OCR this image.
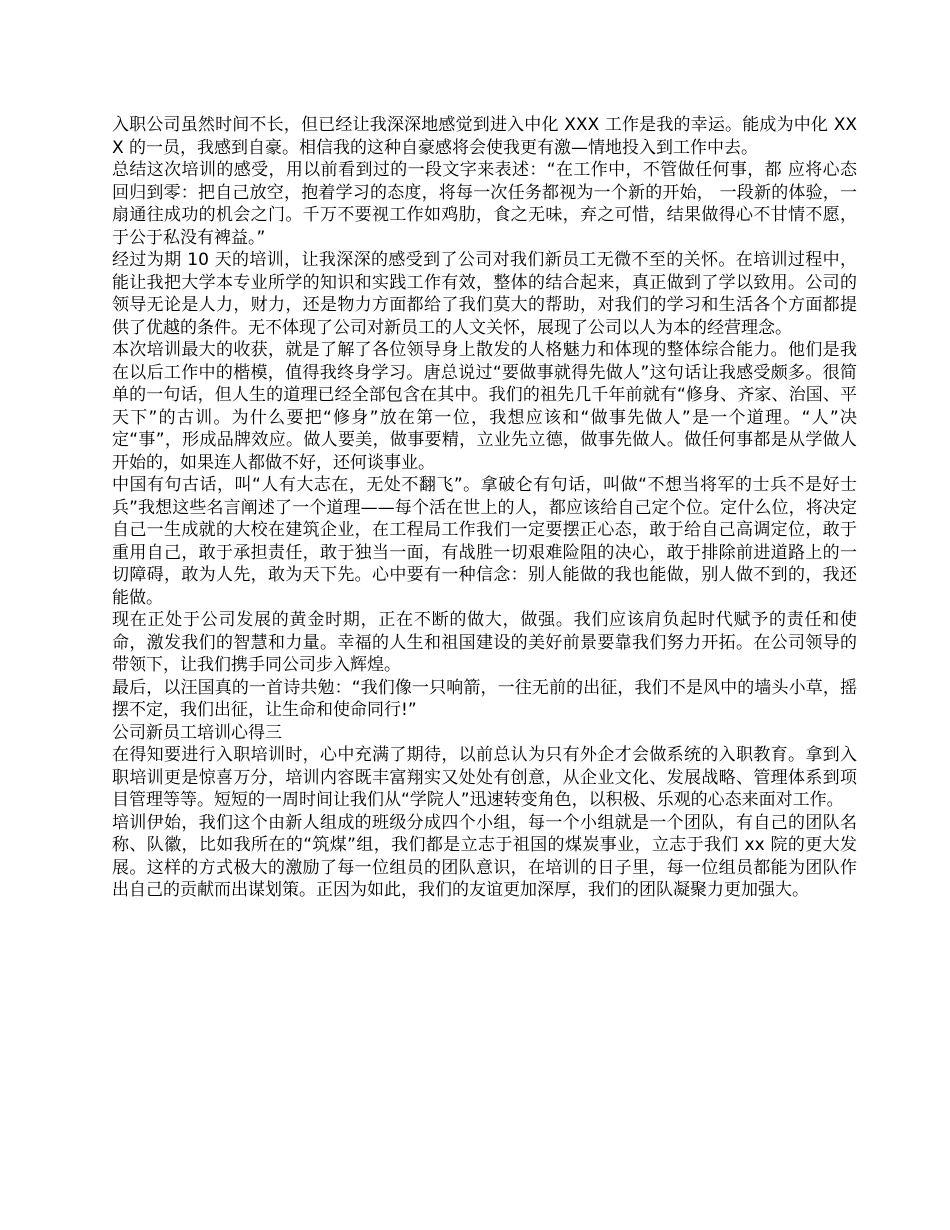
入职公司虽然时间不长，但已经让我深深地感觉到进入中化 XXX 工作是我的幸运。能成为中化 XXX 的一员，我感到自豪。相信我的这种自豪感将会使我更有激—情地投入到工作中去。

总结这次培训的感受，用以前看到过的一段文字来表述：“在工作中，不管做任何事，都 应将心态回归到零：把自己放空，抱着学习的态度，将每一次任务都视为一个新的开始， 一段新的体验，一扇通往成功的机会之门。千万不要视工作如鸡肋，食之无味，弃之可惜，结果做得心不甘情不愿，于公于私没有裨益。”

经过为期 10 天的培训，让我深深的感受到了公司对我们新员工无微不至的关怀。在培训过程中，能让我把大学本专业所学的知识和实践工作有效，整体的结合起来，真正做到了学以致用。公司的领导无论是人力，财力，还是物力方面都给了我们莫大的帮助，对我们的学习和生活各个方面都提供了优越的条件。无不体现了公司对新员工的人文关怀，展现了公司以人为本的经营理念。

本次培训最大的收获，就是了解了各位领导身上散发的人格魅力和体现的整体综合能力。他们是我在以后工作中的楷模，值得我终身学习。唐总说过“要做事就得先做人”这句话让我感受颇多。很简单的一句话，但人生的道理已经全部包含在其中。我们的祖先几千年前就有“修身、齐家、治国、平天下”的古训。为什么要把“修身”放在第一位，我想应该和“做事先做人”是一个道理。“人”决定“事”，形成品牌效应。做人要美，做事要精，立业先立德，做事先做人。做任何事都是从学做人开始的，如果连人都做不好，还何谈事业。

中国有句古话，叫“人有大志在，无处不翻飞”。拿破仑有句话，叫做“不想当将军的士兵不是好士兵”我想这些名言阐述了一个道理——每个活在世上的人，都应该给自己定个位。定什么位，将决定自己一生成就的大校在建筑企业，在工程局工作我们一定要摆正心态，敢于给自己高调定位，敢于重用自己，敢于承担责任，敢于独当一面，有战胜一切艰难险阻的决心，敢于排除前进道路上的一切障碍，敢为人先，敢为天下先。心中要有一种信念：别人能做的我也能做，别人做不到的，我还能做。

现在正处于公司发展的黄金时期，正在不断的做大，做强。我们应该肩负起时代赋予的责任和使命，激发我们的智慧和力量。幸福的人生和祖国建设的美好前景要靠我们努力开拓。在公司领导的带领下，让我们携手同公司步入辉煌。

最后，以汪国真的一首诗共勉：“我们像一只响箭，一往无前的出征，我们不是风中的墙头小草，摇摆不定，我们出征，让生命和使命同行!”

公司新员工培训心得三

在得知要进行入职培训时，心中充满了期待，以前总认为只有外企才会做系统的入职教育。拿到入职培训更是惊喜万分，培训内容既丰富翔实又处处有创意，从企业文化、发展战略、管理体系到项目管理等等。短短的一周时间让我们从“学院人”迅速转变角色，以积极、乐观的心态来面对工作。

培训伊始，我们这个由新人组成的班级分成四个小组，每一个小组就是一个团队，有自己的团队名称、队徽，比如我所在的“筑煤”组，我们都是立志于祖国的煤炭事业，立志于我们 xx 院的更大发展。这样的方式极大的激励了每一位组员的团队意识，在培训的日子里，每一位组员都能为团队作出自己的贡献而出谋划策。正因为如此，我们的友谊更加深厚，我们的团队凝聚力更加强大。
